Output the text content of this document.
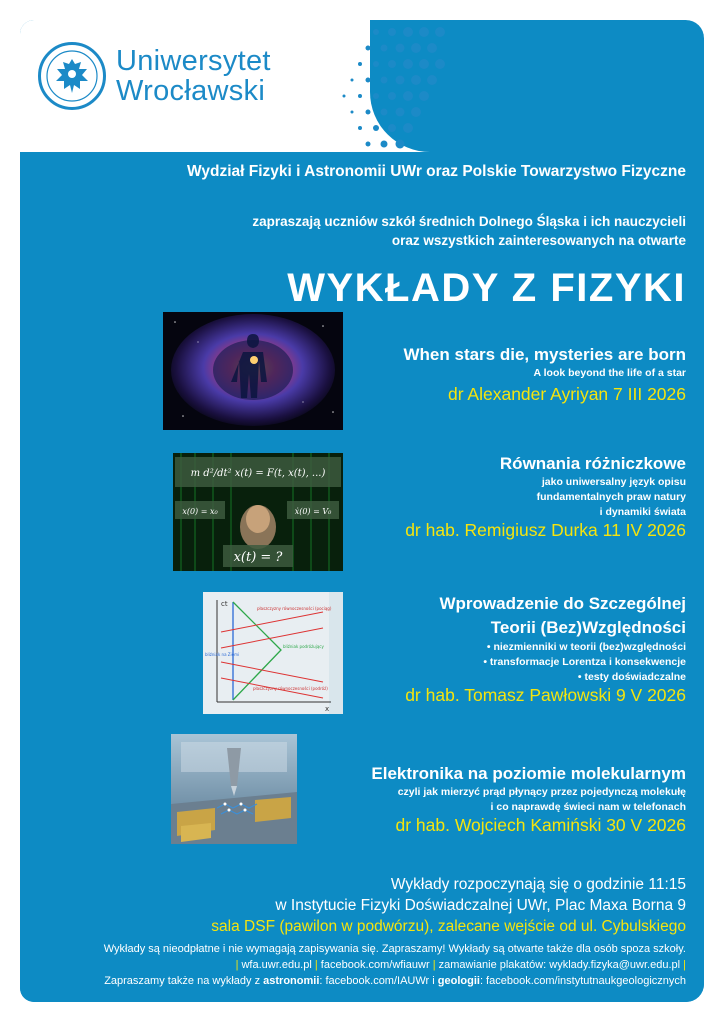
Uniwersytet
Wrocławski
Wydział Fizyki i Astronomii UWr oraz Polskie Towarzystwo Fizyczne
zapraszają uczniów szkół średnich Dolnego Śląska i ich nauczycieli
oraz wszystkich zainteresowanych na otwarte
WYKŁADY Z FIZYKI
When stars die, mysteries are born
A look beyond the life of a star
dr Alexander Ayriyan 7 III 2026
m d²/dt² x(t) = F(t, x(t), ...)
x(0) = x₀	ẋ(0) = V₀
x(t) = ?
Równania różniczkowe
jako uniwersalny język opisu
fundamentalnych praw natury
i dynamiki świata
dr hab. Remigiusz Durka 11 IV 2026
ct
x
płaszczyzny równoczesności (pociąg)
bliźniak podróżujący
bliźniak na Ziemi
płaszczyzny równoczesności (podróż)
Wprowadzenie do Szczególnej
Teorii (Bez)Względności
• niezmienniki w teorii (bez)względności
• transformacje Lorentza i konsekwencje
• testy doświadczalne
dr hab. Tomasz Pawłowski 9 V 2026
Elektronika na poziomie molekularnym
czyli jak mierzyć prąd płynący przez pojedynczą molekułę
i co naprawdę świeci nam w telefonach
dr hab. Wojciech Kamiński 30 V 2026
Wykłady rozpoczynają się o godzinie 11:15
w Instytucie Fizyki Doświadczalnej UWr, Plac Maxa Borna 9
sala DSF (pawilon w podwórzu), zalecane wejście od ul. Cybulskiego
Wykłady są nieodpłatne i nie wymagają zapisywania się. Zapraszamy! Wykłady są otwarte także dla osób spoza szkoły.
| wfa.uwr.edu.pl | facebook.com/wfiauwr | zamawianie plakatów: wyklady.fizyka@uwr.edu.pl |
Zapraszamy także na wykłady z astronomii: facebook.com/IAUWr i geologii: facebook.com/instytutnaukgeologicznych
